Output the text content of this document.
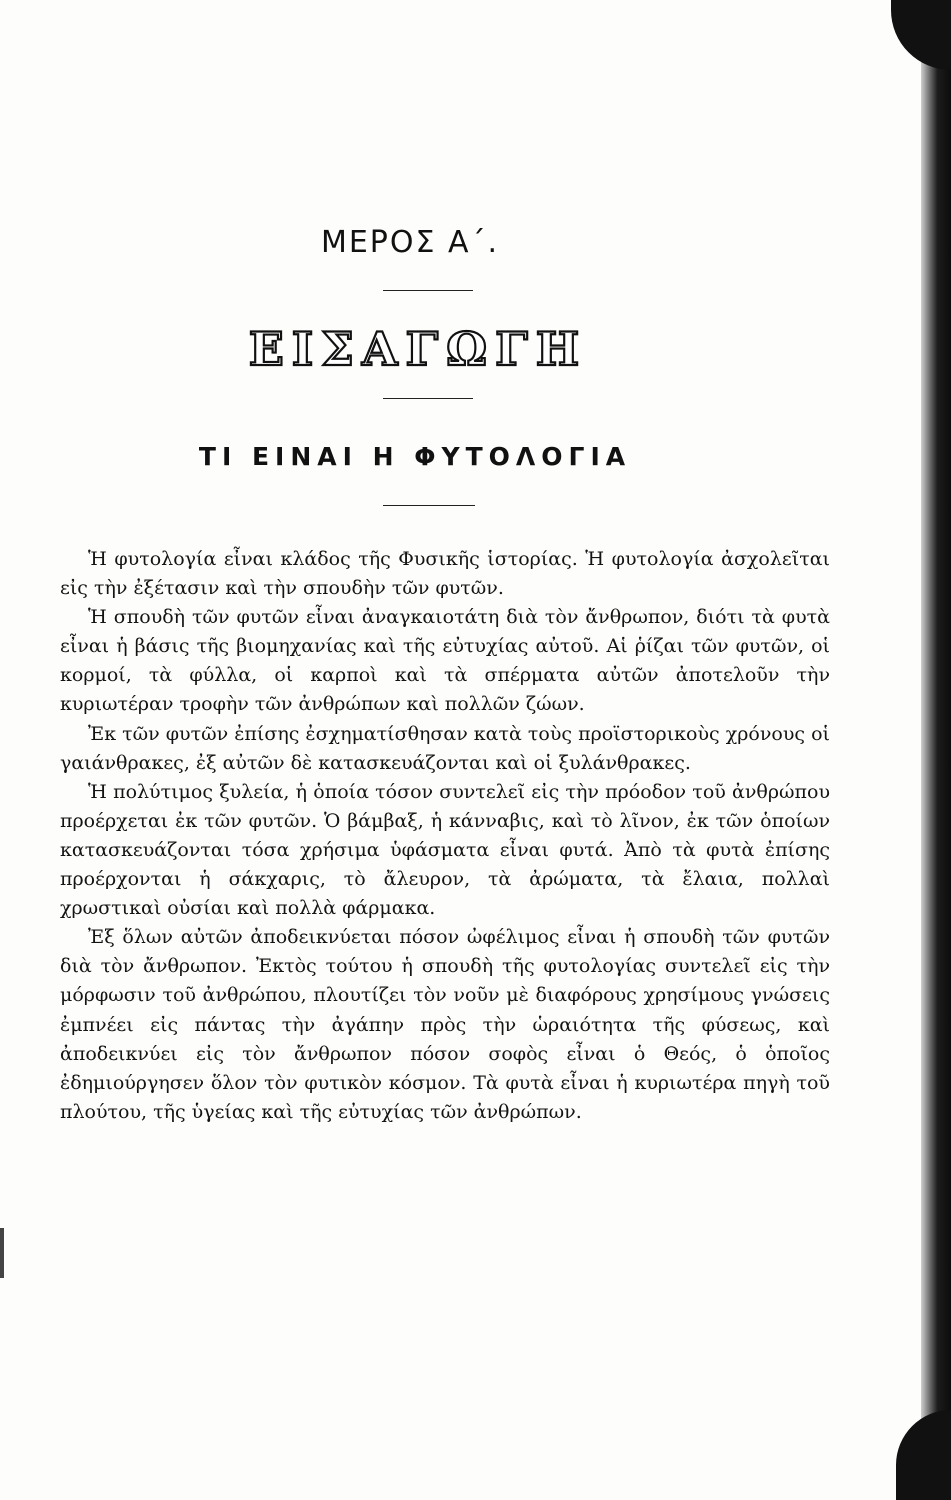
ΜΕΡΟΣ Α΄.
ΕΙΣΑΓΩΓΗ
ΤΙ ΕΙΝΑΙ Η ΦΥΤΟΛΟΓΙΑ

Ἡ φυτολογία εἶναι κλάδος τῆς Φυσικῆς ἱστορίας. Ἡ φυτολογία ἀσχολεῖται εἰς τὴν ἐξέτασιν καὶ τὴν σπουδὴν τῶν φυτῶν.

Ἡ σπουδὴ τῶν φυτῶν εἶναι ἀναγκαιοτάτη διὰ τὸν ἄνθρωπον, διότι τὰ φυτὰ εἶναι ἡ βάσις τῆς βιομηχανίας καὶ τῆς εὐτυχίας αὐτοῦ. Αἱ ῥίζαι τῶν φυτῶν, οἱ κορμοί, τὰ φύλλα, οἱ καρποὶ καὶ τὰ σπέρματα αὐτῶν ἀποτελοῦν τὴν κυριωτέραν τροφὴν τῶν ἀνθρώπων καὶ πολλῶν ζώων.

Ἐκ τῶν φυτῶν ἐπίσης ἐσχηματίσθησαν κατὰ τοὺς προϊστορικοὺς χρόνους οἱ γαιάνθρακες, ἐξ αὐτῶν δὲ κατασκευάζονται καὶ οἱ ξυλάνθρακες.

Ἡ πολύτιμος ξυλεία, ἡ ὁποία τόσον συντελεῖ εἰς τὴν πρόοδον τοῦ ἀνθρώπου προέρχεται ἐκ τῶν φυτῶν. Ὁ βάμβαξ, ἡ κάνναβις, καὶ τὸ λῖνον, ἐκ τῶν ὁποίων κατασκευάζονται τόσα χρήσιμα ὑφάσματα εἶναι φυτά. Ἀπὸ τὰ φυτὰ ἐπίσης προέρχονται ἡ σάκχαρις, τὸ ἄλευρον, τὰ ἀρώματα, τὰ ἔλαια, πολλαὶ χρωστικαὶ οὐσίαι καὶ πολλὰ φάρμακα.

Ἐξ ὅλων αὐτῶν ἀποδεικνύεται πόσον ὠφέλιμος εἶναι ἡ σπουδὴ τῶν φυτῶν διὰ τὸν ἄνθρωπον. Ἐκτὸς τούτου ἡ σπουδὴ τῆς φυτολογίας συντελεῖ εἰς τὴν μόρφωσιν τοῦ ἀνθρώπου, πλουτίζει τὸν νοῦν μὲ διαφόρους χρησίμους γνώσεις ἐμπνέει εἰς πάντας τὴν ἀγάπην πρὸς τὴν ὡραιότητα τῆς φύσεως, καὶ ἀποδεικνύει εἰς τὸν ἄνθρωπον πόσον σοφὸς εἶναι ὁ Θεός, ὁ ὁποῖος ἐδημιούργησεν ὅλον τὸν φυτικὸν κόσμον. Τὰ φυτὰ εἶναι ἡ κυριωτέρα πηγὴ τοῦ πλούτου, τῆς ὑγείας καὶ τῆς εὐτυχίας τῶν ἀνθρώπων.
